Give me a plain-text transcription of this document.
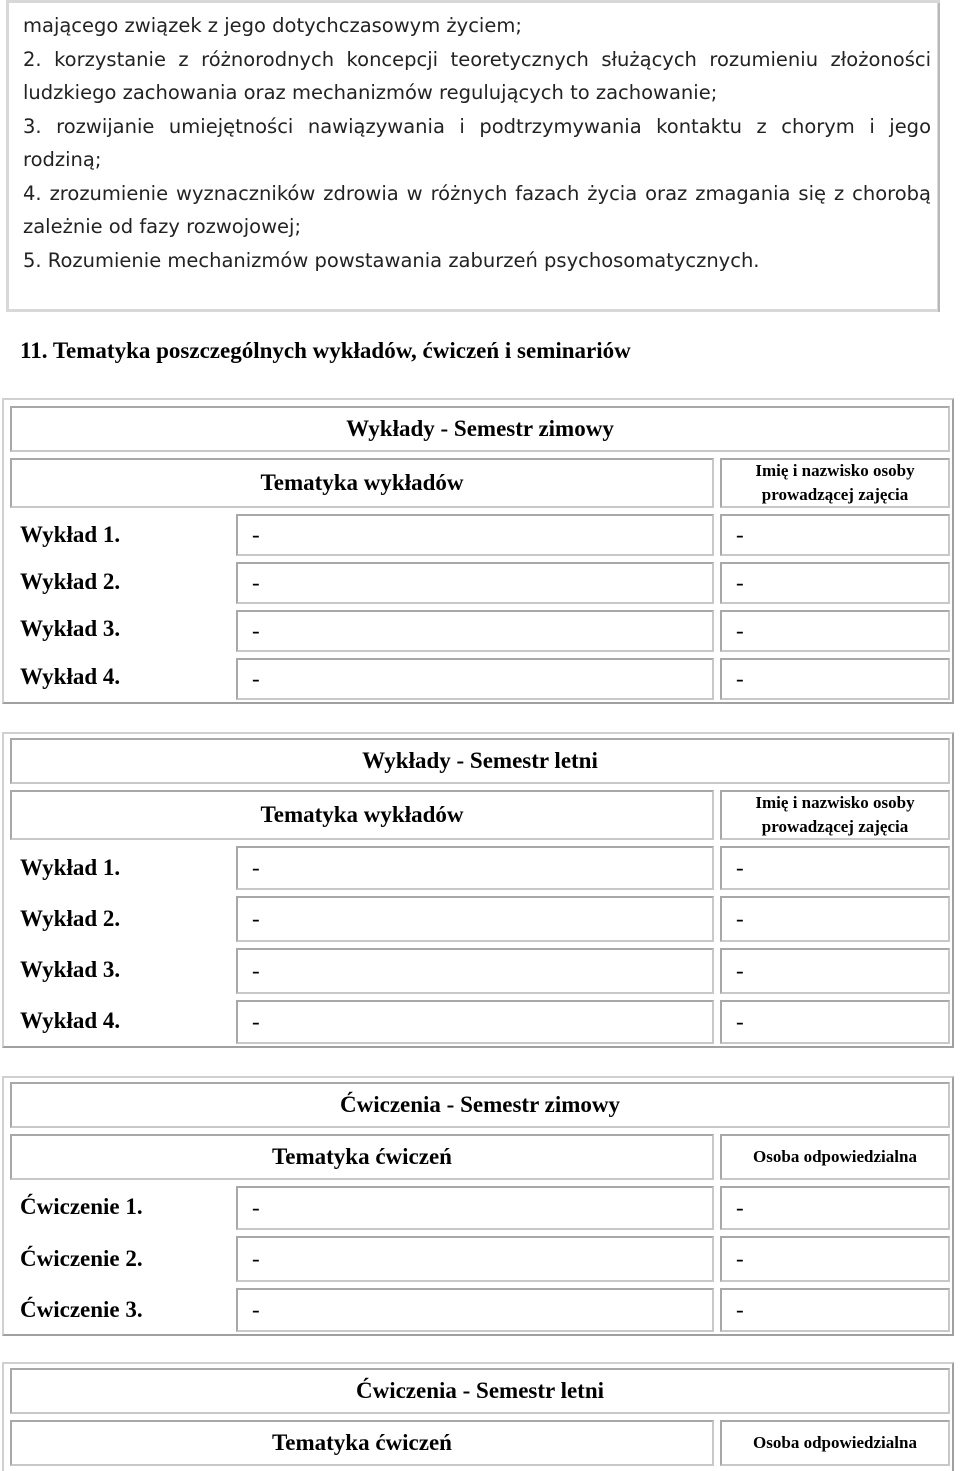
mającego związek z jego dotychczasowym życiem;

2. korzystanie z różnorodnych koncepcji teoretycznych służących rozumieniu złożoności ludzkiego zachowania oraz mechanizmów regulujących to zachowanie;

3. rozwijanie umiejętności nawiązywania i podtrzymywania kontaktu z chorym i jego rodziną;

4. zrozumienie wyznaczników zdrowia w różnych fazach życia oraz zmagania się z chorobą zależnie od fazy rozwojowej;

5. Rozumienie mechanizmów powstawania zaburzeń psychosomatycznych.

11. Tematyka poszczególnych wykładów, ćwiczeń i seminariów
Wykłady - Semestr zimowy
Tematyka wykładów	Imię i nazwisko osoby prowadzącej zajęcia
Wykład 1.	-	-
Wykład 2.	-	-
Wykład 3.	-	-
Wykład 4.	-	-
Wykłady - Semestr letni
Tematyka wykładów	Imię i nazwisko osoby prowadzącej zajęcia
Wykład 1.	-	-
Wykład 2.	-	-
Wykład 3.	-	-
Wykład 4.	-	-
Ćwiczenia - Semestr zimowy
Tematyka ćwiczeń	Osoba odpowiedzialna
Ćwiczenie 1.	-	-
Ćwiczenie 2.	-	-
Ćwiczenie 3.	-	-
Ćwiczenia - Semestr letni
Tematyka ćwiczeń	Osoba odpowiedzialna
